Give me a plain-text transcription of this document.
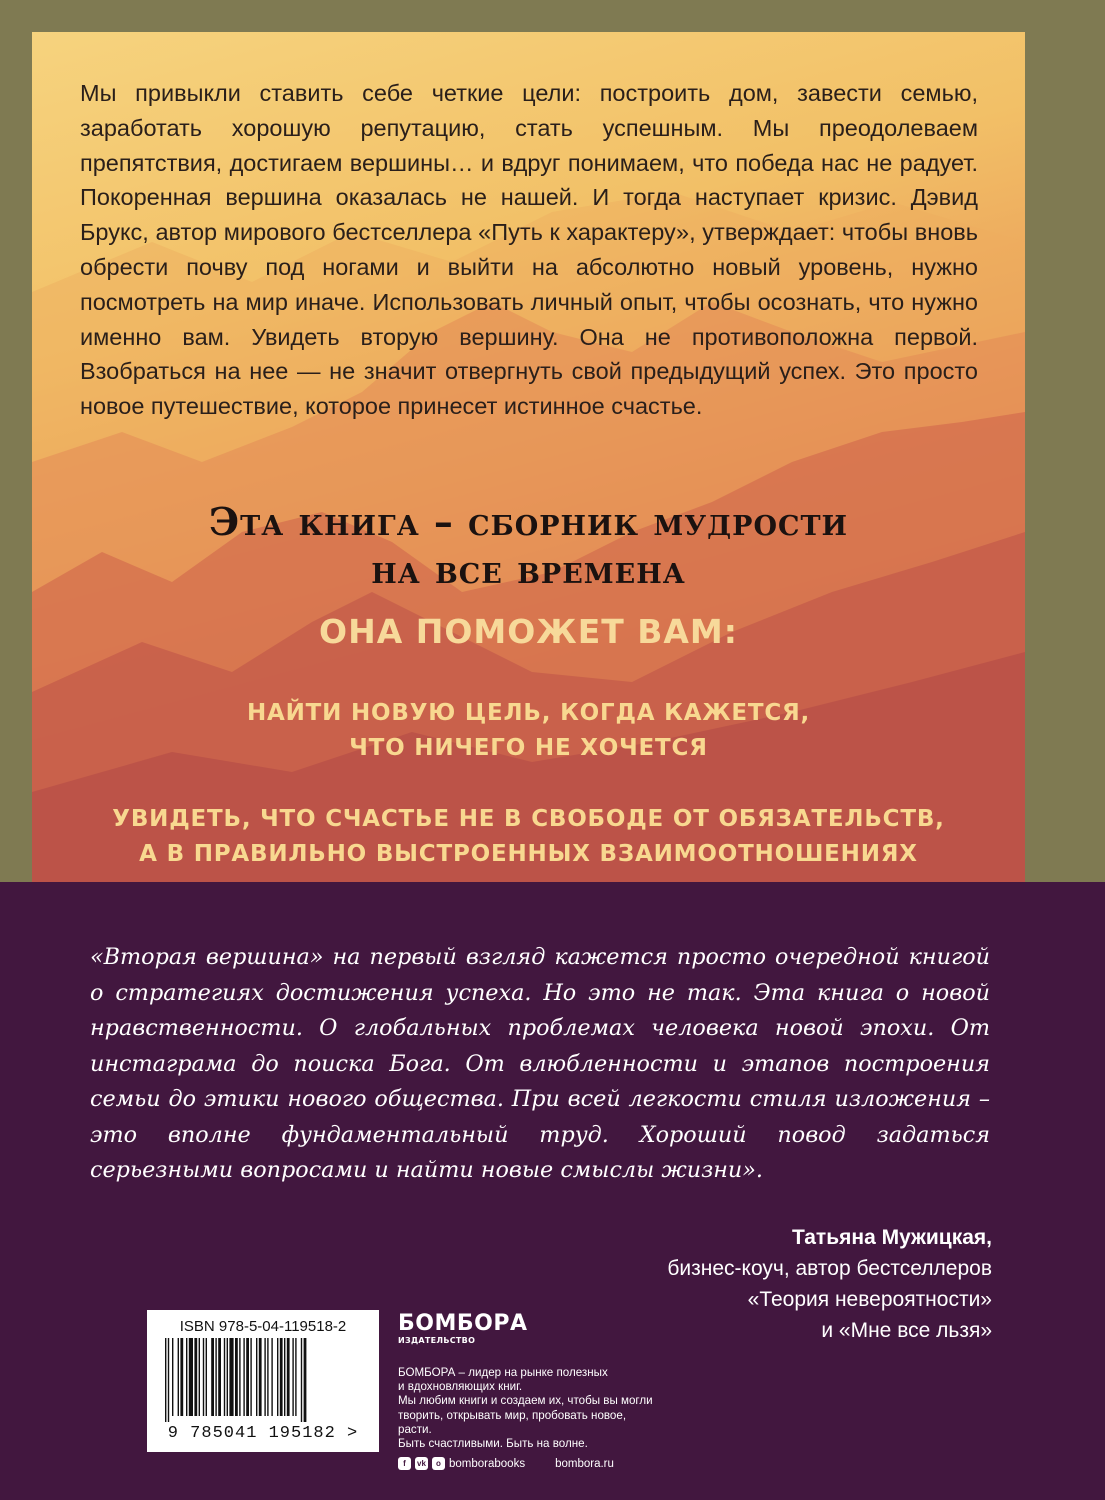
Мы привыкли ставить себе четкие цели: построить дом, завести семью, заработать хорошую репутацию, стать успешным. Мы преодолеваем препятствия, достигаем вершины… и вдруг понимаем, что победа нас не радует. Покоренная вершина оказалась не нашей. И тогда наступает кризис. Дэвид Брукс, автор мирового бестселлера «Путь к характеру», утверждает: чтобы вновь обрести почву под ногами и выйти на абсолютно новый уровень, нужно посмотреть на мир иначе. Использовать личный опыт, чтобы осознать, что нужно именно вам. Увидеть вторую вершину. Она не противоположна первой. Взобраться на нее — не значит отвергнуть свой предыдущий успех. Это просто новое путешествие, которое принесет истинное счастье.

Эта книга – сборник мудрости
на все времена
ОНА ПОМОЖЕТ ВАМ:

НАЙТИ НОВУЮ ЦЕЛЬ, КОГДА КАЖЕТСЯ,
ЧТО НИЧЕГО НЕ ХОЧЕТСЯ

УВИДЕТЬ, ЧТО СЧАСТЬЕ НЕ В СВОБОДЕ ОТ ОБЯЗАТЕЛЬСТВ,
А В ПРАВИЛЬНО ВЫСТРОЕННЫХ ВЗАИМООТНОШЕНИЯХ

«Вторая вершина» на первый взгляд кажется просто очередной книгой о стратегиях достижения успеха. Но это не так. Эта книга о новой нравственности. О глобальных проблемах человека новой эпохи. От инстаграма до поиска Бога. От влюбленности и этапов построения семьи до этики нового общества. При всей легкости стиля изложения – это вполне фундаментальный труд. Хороший повод задаться серьезными вопросами и найти новые смыслы жизни».

Татьяна Мужицкая,
бизнес-коуч, автор бестселлеров
«Теория невероятности»
и «Мне все льзя»
ISBN 978-5-04-119518-2
9 785041 195182 >
БОМБОРА
ИЗДАТЕЛЬСТВО

БОМБОРА – лидер на рынке полезных
и вдохновляющих книг.
Мы любим книги и создаем их, чтобы вы могли
творить, открывать мир, пробовать новое, расти.
Быть счастливыми. Быть на волне.

f	vk	o bomborabooks	bombora.ru
